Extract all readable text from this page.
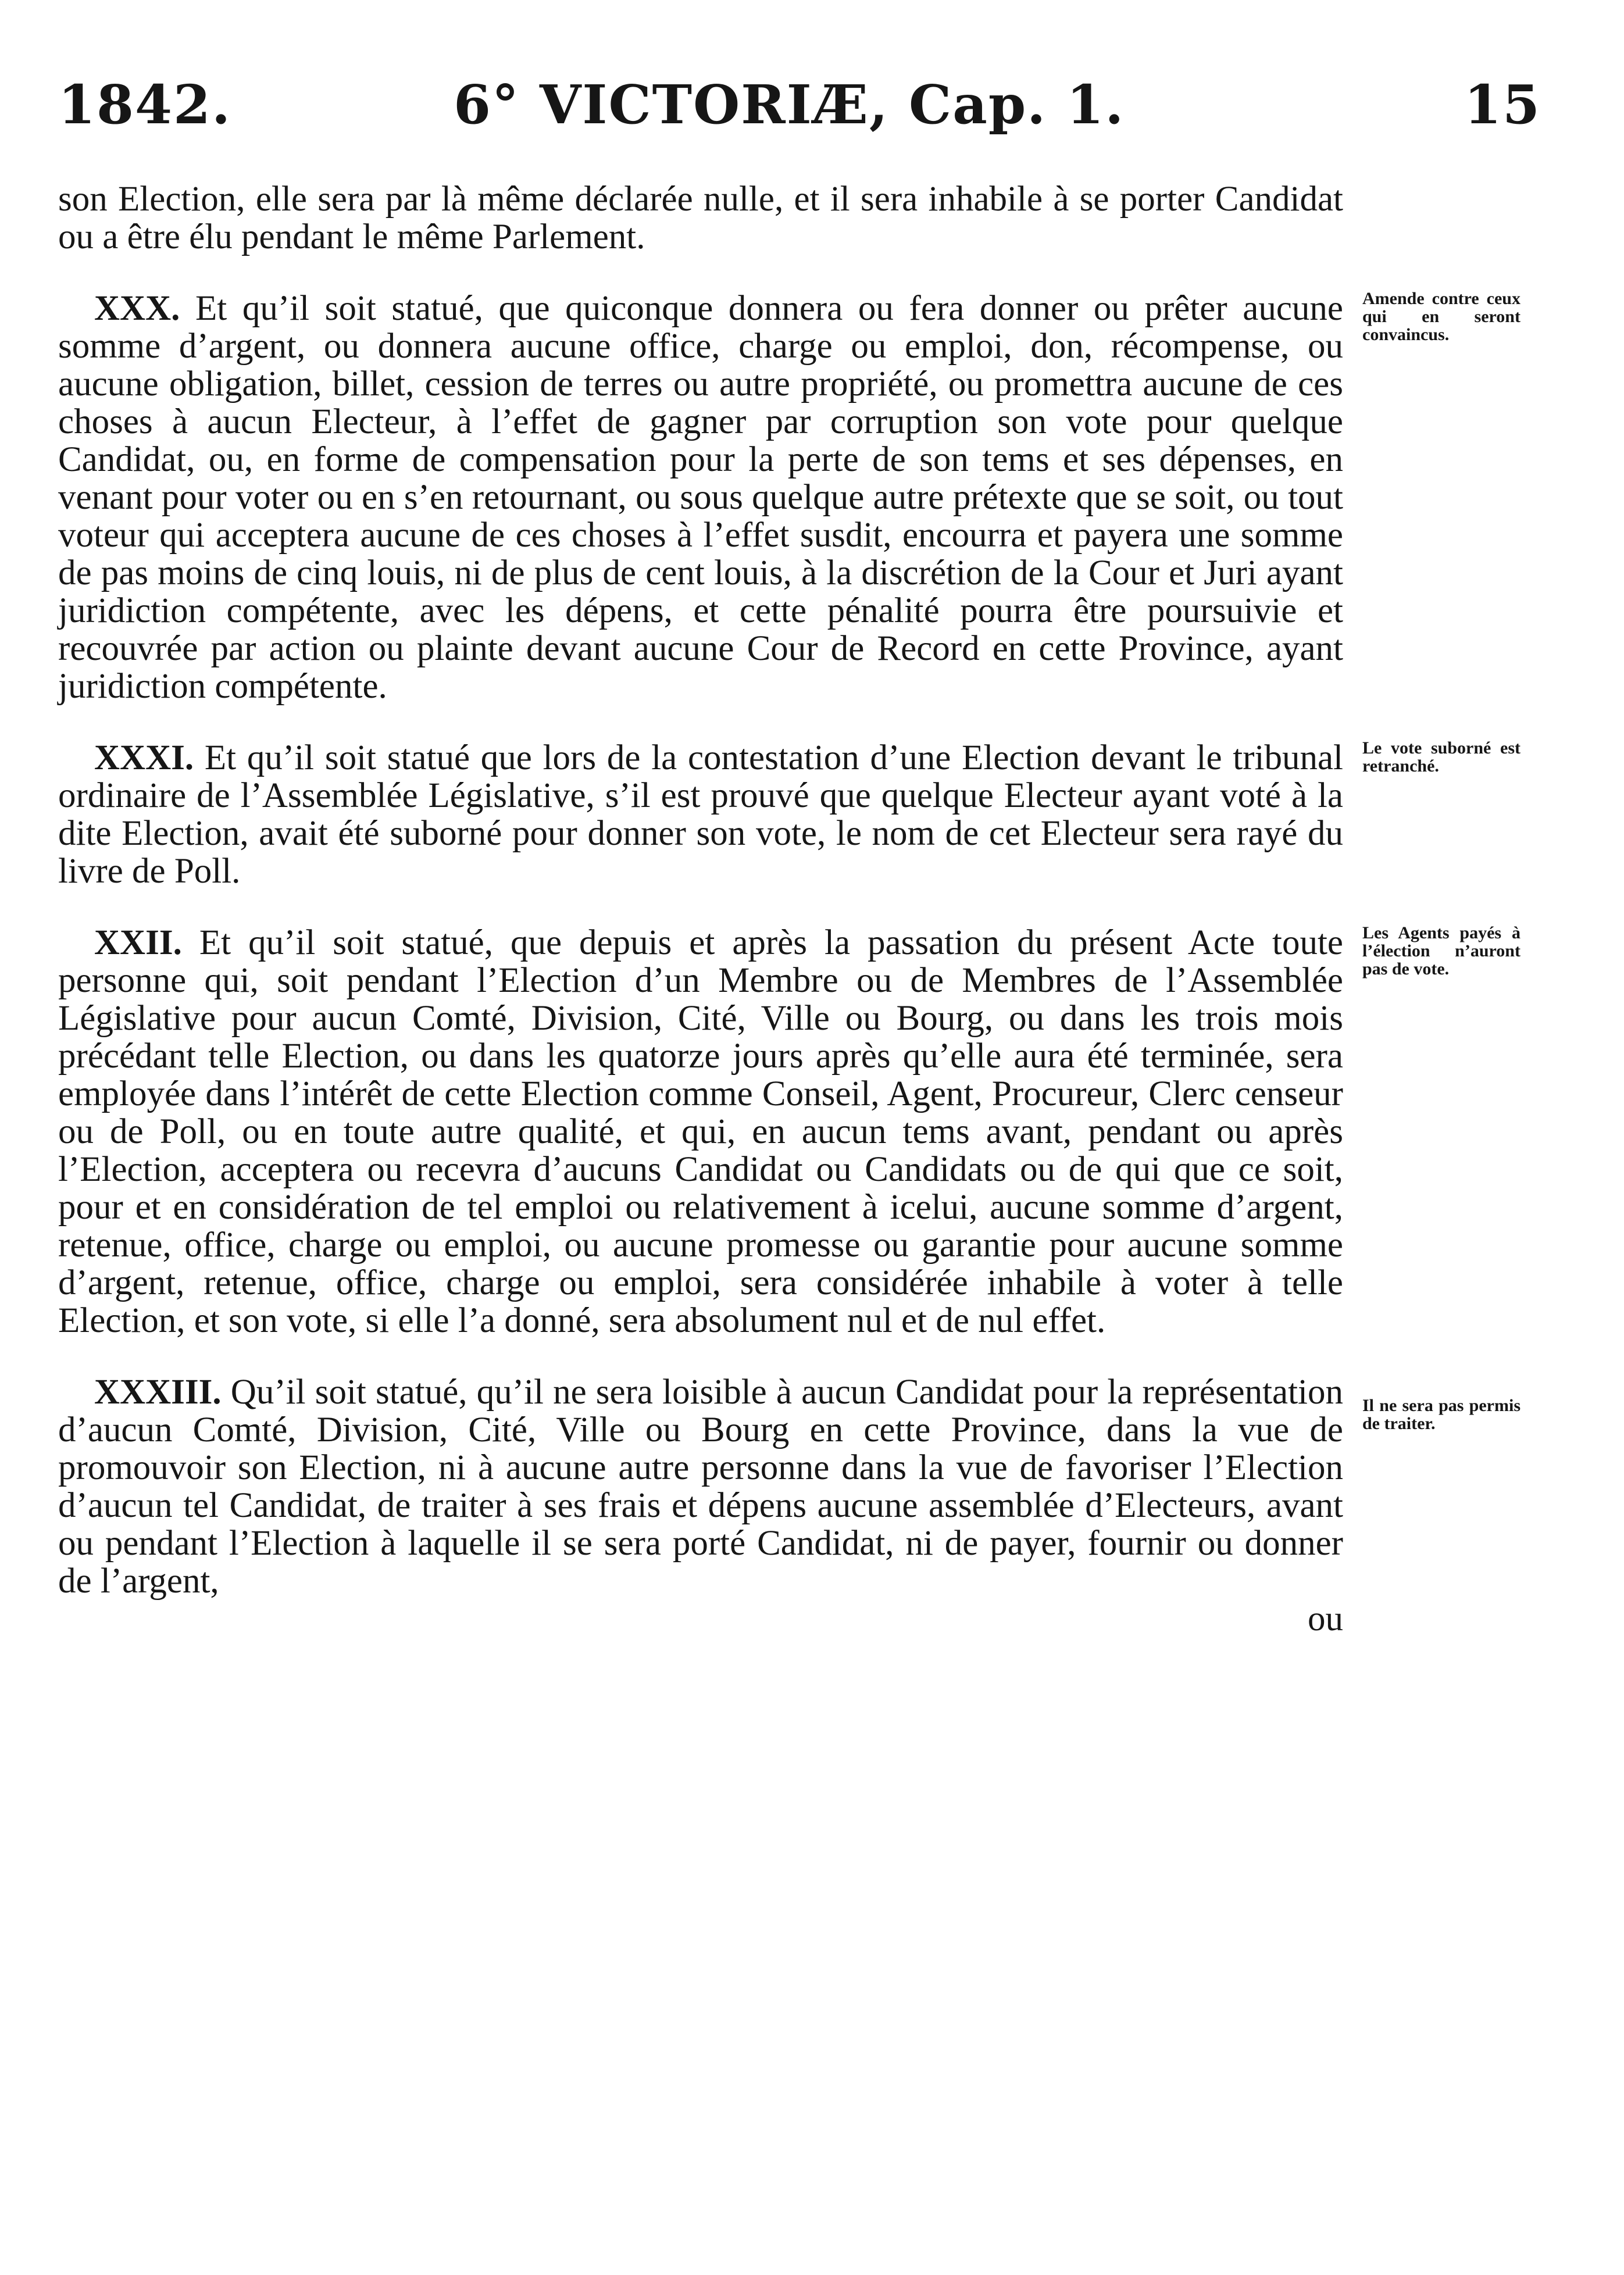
1842.	6° VICTORIÆ, Cap. 1.	15

son Election, elle sera par là même déclarée nulle, et il sera inhabile à se porter Candidat ou a être élu pendant le même Parlement.

XXX. Et qu’il soit statué, que quiconque donnera ou fera donner ou prêter aucune somme d’argent, ou donnera aucune office, charge ou emploi, don, récompense, ou aucune obligation, billet, cession de terres ou autre propriété, ou promettra aucune de ces choses à aucun Electeur, à l’effet de gagner par corruption son vote pour quelque Candidat, ou, en forme de compensation pour la perte de son tems et ses dépenses, en venant pour voter ou en s’en retournant, ou sous quelque autre prétexte que se soit, ou tout voteur qui acceptera aucune de ces choses à l’effet susdit, encourra et payera une somme de pas moins de cinq louis, ni de plus de cent louis, à la discrétion de la Cour et Juri ayant juridiction compétente, avec les dépens, et cette pénalité pourra être poursuivie et recouvrée par action ou plainte devant aucune Cour de Record en cette Province, ayant juridiction compétente.

XXXI. Et qu’il soit statué que lors de la contestation d’une Election devant le tribunal ordinaire de l’Assemblée Législative, s’il est prouvé que quelque Electeur ayant voté à la dite Election, avait été suborné pour donner son vote, le nom de cet Electeur sera rayé du livre de Poll.

XXII. Et qu’il soit statué, que depuis et après la passation du présent Acte toute personne qui, soit pendant l’Election d’un Membre ou de Membres de l’Assemblée Législative pour aucun Comté, Division, Cité, Ville ou Bourg, ou dans les trois mois précédant telle Election, ou dans les quatorze jours après qu’elle aura été terminée, sera employée dans l’intérêt de cette Election comme Conseil, Agent, Procureur, Clerc censeur ou de Poll, ou en toute autre qualité, et qui, en aucun tems avant, pendant ou après l’Election, acceptera ou recevra d’aucuns Candidat ou Candidats ou de qui que ce soit, pour et en considération de tel emploi ou relativement à icelui, aucune somme d’argent, retenue, office, charge ou emploi, ou aucune promesse ou garantie pour aucune somme d’argent, retenue, office, charge ou emploi, sera considérée inhabile à voter à telle Election, et son vote, si elle l’a donné, sera absolument nul et de nul effet.

XXXIII. Qu’il soit statué, qu’il ne sera loisible à aucun Candidat pour la représentation d’aucun Comté, Division, Cité, Ville ou Bourg en cette Province, dans la vue de promouvoir son Election, ni à aucune autre personne dans la vue de favoriser l’Election d’aucun tel Candidat, de traiter à ses frais et dépens aucune assemblée d’Electeurs, avant ou pendant l’Election à laquelle il se sera porté Candidat, ni de payer, fournir ou donner de l’argent,

ou
Amende contre ceux qui en seront convaincus.
Le vote suborné est retranché.
Les Agents payés à l’élection n’auront pas de vote.
Il ne sera pas permis de traiter.
